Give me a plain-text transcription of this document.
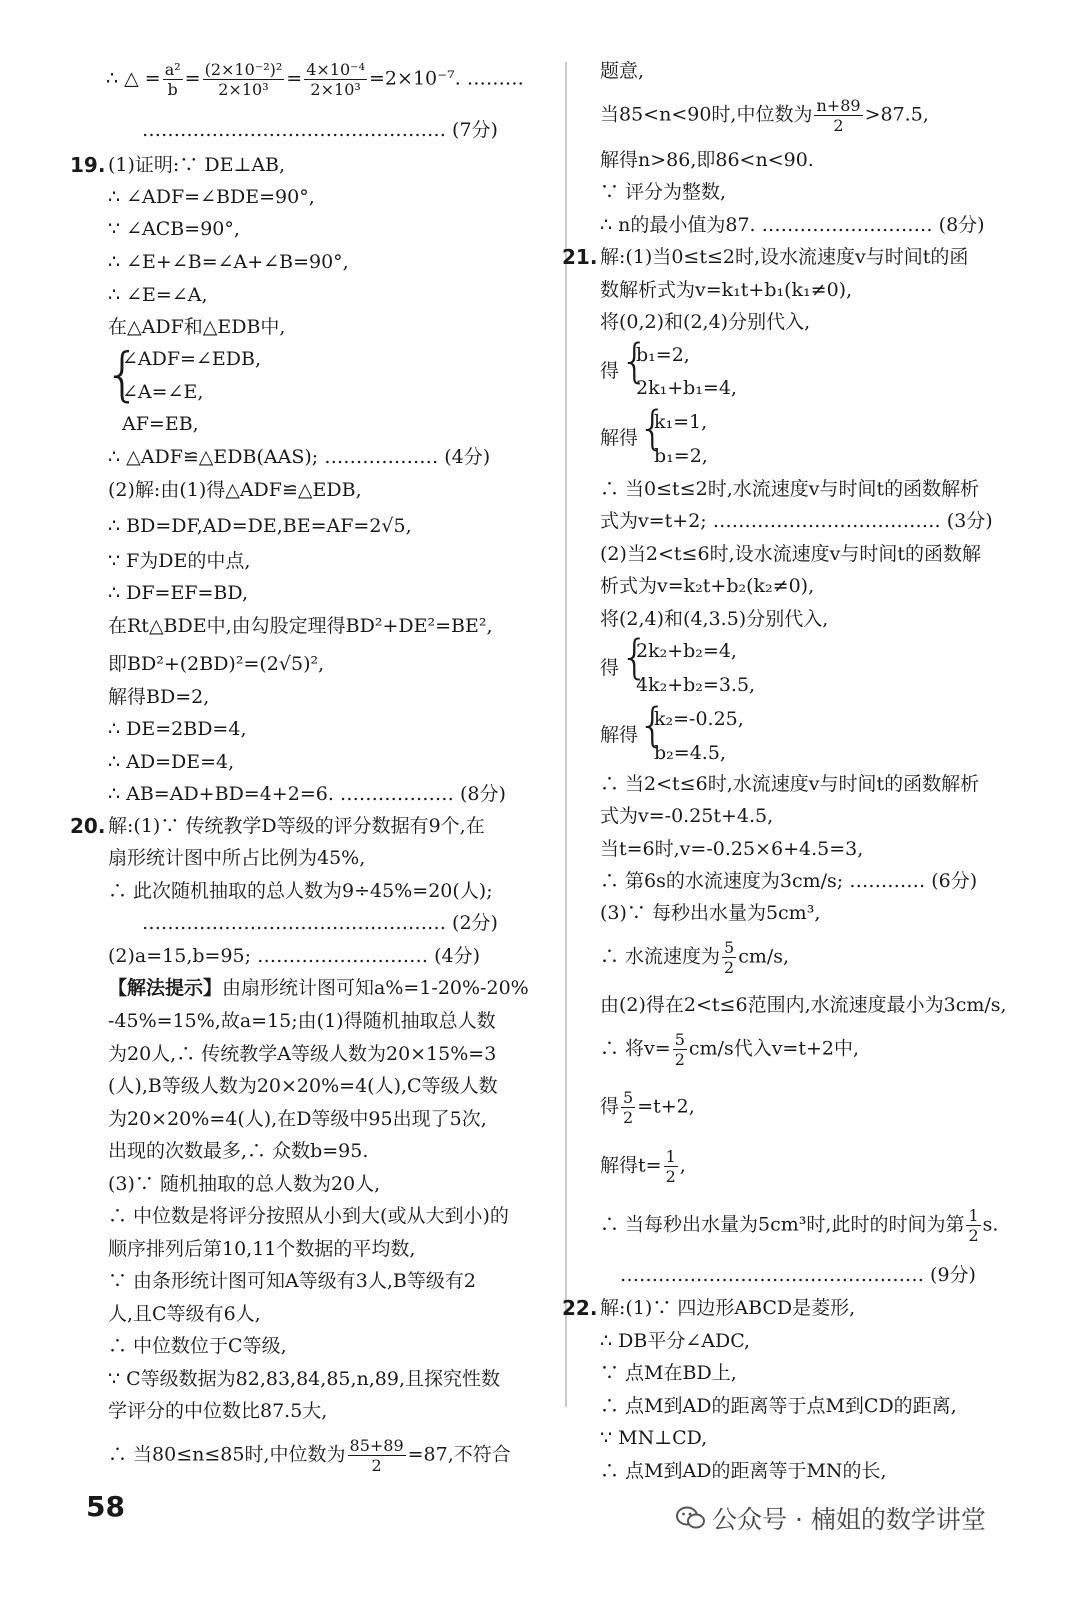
∴ △ = $\frac{\text{a²}}{b} = \frac{\text{(2×10⁻²)²}}{\text{2×10³}} = \frac{\text{4×10⁻⁴}}{\text{2×10³}} =2\times 10^{-7}$. ………
………………………………………… (7分)
19. (1)证明:∵ DE⊥AB,
∴ ∠ADF=∠BDE=90°,
∵ ∠ACB=90°,
∴ ∠E+∠B=∠A+∠B=90°,
∴ ∠E=∠A,
在△ADF和△EDB中,
{
∠ADF=∠EDB,
∠A=∠E,
AF=EB,
∴ △ADF≌△EDB(AAS); ……………… (4分)
(2)解:由(1)得△ADF≌△EDB,
∴ BD=DF,AD=DE,BE=AF=2√5,
∵ F为DE的中点,
∴ DF=EF=BD,
在Rt△BDE中,由勾股定理得BD²+DE²=BE²,
即BD²+(2BD)²=(2√5)²,
解得BD=2,
∴ DE=2BD=4,
∴ AD=DE=4,
∴ AB=AD+BD=4+2=6. ……………… (8分)
20. 解:(1)∵ 传统教学D等级的评分数据有9个,在
扇形统计图中所占比例为45%,
∴ 此次随机抽取的总人数为9÷45%=20(人);
………………………………………… (2分)
(2)a=15,b=95; ……………………… (4分)
【解法提示】由扇形统计图可知a%=1-20%-20%
-45%=15%,故a=15;由(1)得随机抽取总人数
为20人,∴ 传统教学A等级人数为20×15%=3
(人),B等级人数为20×20%=4(人),C等级人数
为20×20%=4(人),在D等级中95出现了5次,
出现的次数最多,∴ 众数b=95.
(3)∵ 随机抽取的总人数为20人,
∴ 中位数是将评分按照从小到大(或从大到小)的
顺序排列后第10,11个数据的平均数,
∵ 由条形统计图可知A等级有3人,B等级有2
人,且C等级有6人,
∴ 中位数位于C等级,
∵ C等级数据为82,83,84,85,n,89,且探究性数
学评分的中位数比87.5大,
∴ 当80≤n≤85时,中位数为 $\frac{85+89}{2} =87$,不符合
题意,
当85<n<90时,中位数为 $\frac{n+89}{2} >87.5$,
解得n>86,即86<n<90.
∵ 评分为整数,
∴ n的最小值为87. ……………………… (8分)
21. 解:(1)当0≤t≤2时,设水流速度v与时间t的函
数解析式为v=k₁t+b₁(k₁≠0),
将(0,2)和(2,4)分别代入,
得 {
b₁=2,
2k₁+b₁=4,
解得 {
k₁=1,
b₁=2,
∴ 当0≤t≤2时,水流速度v与时间t的函数解析
式为v=t+2; ……………………………… (3分)
(2)当2<t≤6时,设水流速度v与时间t的函数解
析式为v=k₂t+b₂(k₂≠0),
将(2,4)和(4,3.5)分别代入,
得 {
2k₂+b₂=4,
4k₂+b₂=3.5,
解得 {
k₂=-0.25,
b₂=4.5,
∴ 当2<t≤6时,水流速度v与时间t的函数解析
式为v=-0.25t+4.5,
当t=6时,v=-0.25×6+4.5=3,
∴ 第6s的水流速度为3cm/s; ………… (6分)
(3)∵ 每秒出水量为5cm³,
∴ 水流速度为 $\frac{5}{2} cm/s$,
由(2)得在2<t≤6范围内,水流速度最小为3cm/s,
∴ 将$v= \frac{5}{2} cm/s$代入v=t+2中,
得 $\frac{5}{2} =t+2$,
解得$t= \frac{1}{2}$ ,
∴ 当每秒出水量为5cm³时,此时的时间为第 $\frac{1}{2} s$.
………………………………………… (9分)
22. 解:(1)∵ 四边形ABCD是菱形,
∴ DB平分∠ADC,
∵ 点M在BD上,
∴ 点M到AD的距离等于点M到CD的距离,
∵ MN⊥CD,
∴ 点M到AD的距离等于MN的长,
58	公众号 · 楠姐的数学讲堂
